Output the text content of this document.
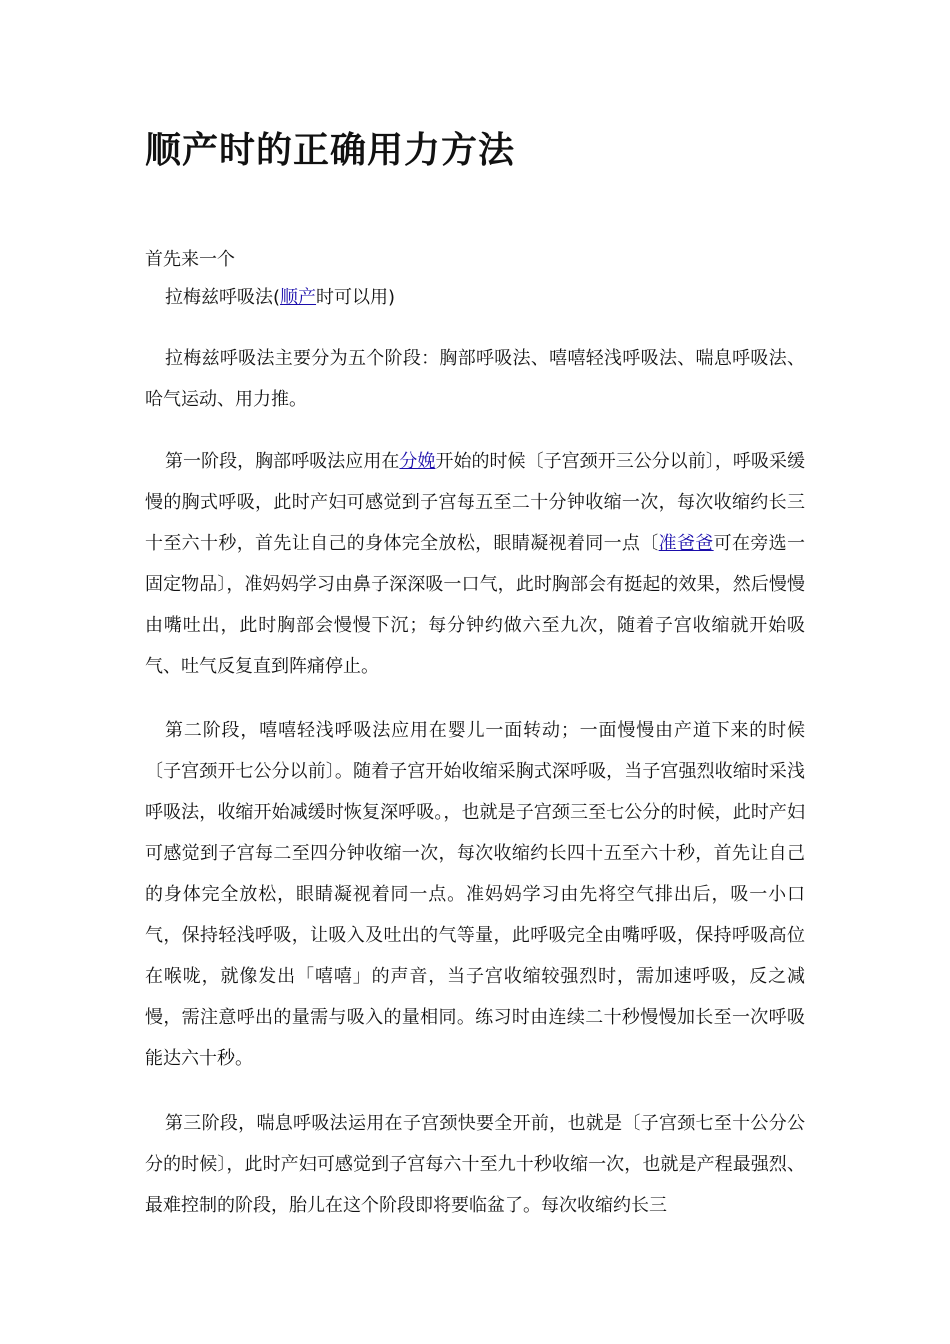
顺产时的正确用力方法
首先来一个
拉梅兹呼吸法(顺产时可以用)

拉梅兹呼吸法主要分为五个阶段：胸部呼吸法、嘻嘻轻浅呼吸法、喘息呼吸法、哈气运动、用力推。

第一阶段，胸部呼吸法应用在分娩开始的时候〔子宫颈开三公分以前〕，呼吸采缓慢的胸式呼吸，此时产妇可感觉到子宫每五至二十分钟收缩一次，每次收缩约长三十至六十秒，首先让自己的身体完全放松，眼睛凝视着同一点〔准爸爸可在旁选一固定物品〕，准妈妈学习由鼻子深深吸一口气，此时胸部会有挺起的效果，然后慢慢由嘴吐出，此时胸部会慢慢下沉；每分钟约做六至九次，随着子宫收缩就开始吸气、吐气反复直到阵痛停止。

第二阶段，嘻嘻轻浅呼吸法应用在婴儿一面转动；一面慢慢由产道下来的时候〔子宫颈开七公分以前〕。随着子宫开始收缩采胸式深呼吸，当子宫强烈收缩时采浅呼吸法，收缩开始减缓时恢复深呼吸。，也就是子宫颈三至七公分的时候，此时产妇可感觉到子宫每二至四分钟收缩一次，每次收缩约长四十五至六十秒，首先让自己的身体完全放松，眼睛凝视着同一点。准妈妈学习由先将空气排出后，吸一小口气，保持轻浅呼吸，让吸入及吐出的气等量，此呼吸完全由嘴呼吸，保持呼吸高位在喉咙，就像发出「嘻嘻」的声音，当子宫收缩较强烈时，需加速呼吸，反之减慢，需注意呼出的量需与吸入的量相同。练习时由连续二十秒慢慢加长至一次呼吸能达六十秒。

第三阶段，喘息呼吸法运用在子宫颈快要全开前，也就是〔子宫颈七至十公分公分的时候〕，此时产妇可感觉到子宫每六十至九十秒收缩一次，也就是产程最强烈、最难控制的阶段，胎儿在这个阶段即将要临盆了。每次收缩约长三
